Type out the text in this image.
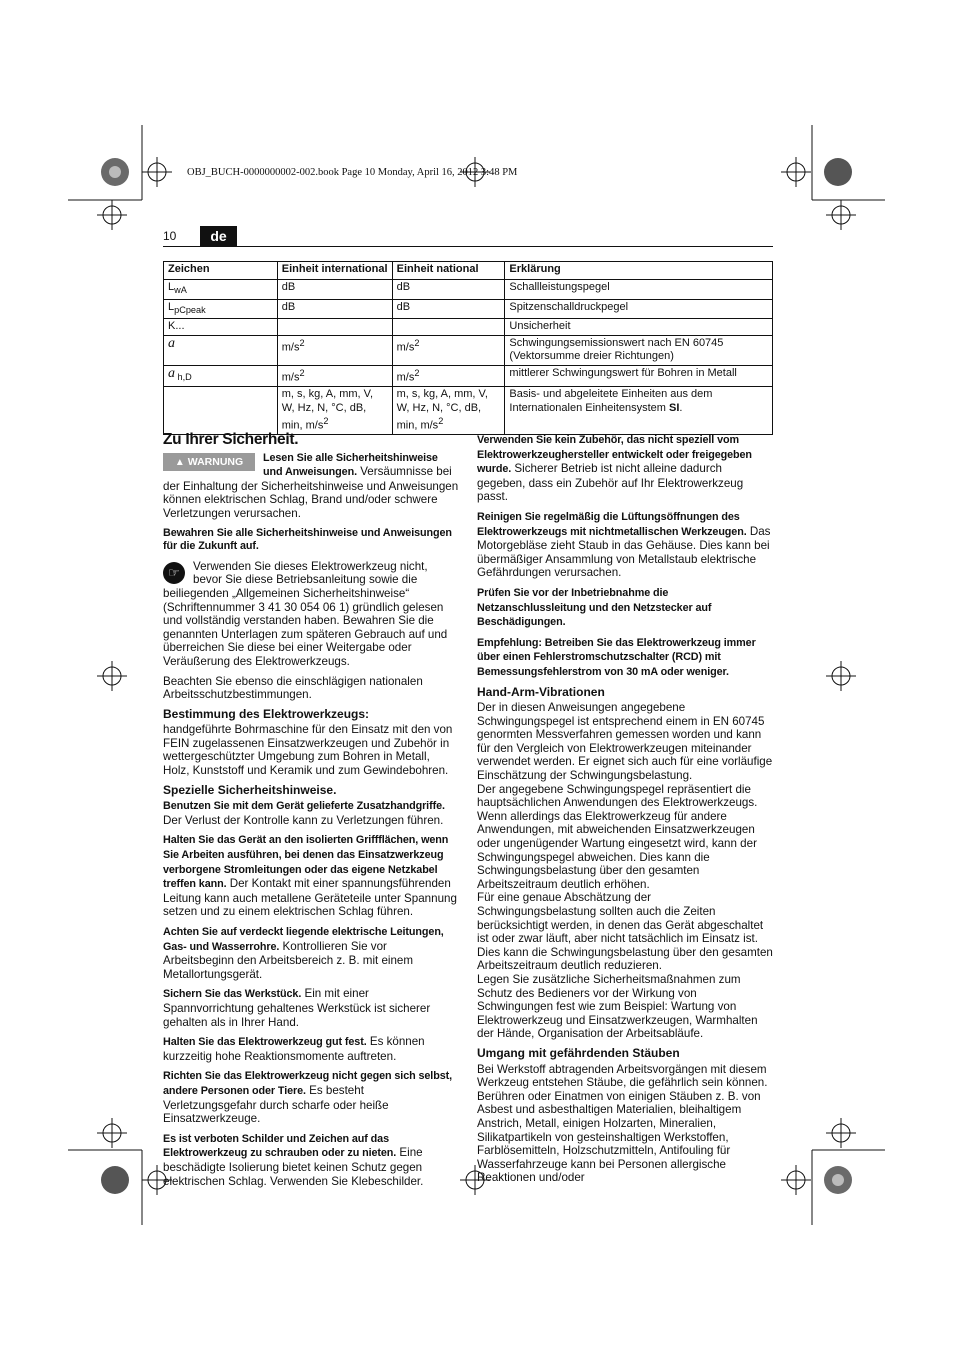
OBJ_BUCH-0000000002-002.book Page 10 Monday, April 16, 2012 3:48 PM
10	de
Zeichen	Einheit international	Einheit national	Erklärung
$L_{wA}$	dB	dB	Schallleistungspegel
$L_{pCpeak}$	dB	dB	Spitzenschalldruckpegel
K...			Unsicherheit
a	$m/s^2$	$m/s^2$	Schwingungsemissionswert nach EN 60745 (Vektorsumme dreier Richtungen)
a $_{h,D}$	$m/s^2$	$m/s^2$	mittlerer Schwingungswert für Bohren in Metall
	m, s, kg, A, mm, V, W, Hz, N, °C, dB, min, $m/s^2$	m, s, kg, A, mm, V, W, Hz, N, °C, dB, min, $m/s^2$	Basis- und abgeleitete Einheiten aus dem Internationalen Einheitensystem SI.
Zu Ihrer Sicherheit.

▲ WARNUNG	Lesen Sie alle Sicherheitshinweise und Anweisungen. Versäumnisse bei der Einhaltung der Sicherheitshinweise und Anweisungen können elektrischen Schlag, Brand und/oder schwere Verletzungen verursachen.

Bewahren Sie alle Sicherheitshinweise und Anweisungen für die Zukunft auf.

☞	Verwenden Sie dieses Elektrowerkzeug nicht, bevor Sie diese Betriebsanleitung sowie die beiliegenden „Allgemeinen Sicherheitshinweise“ (Schriftennummer 3 41 30 054 06 1) gründlich gelesen und vollständig verstanden haben. Bewahren Sie die genannten Unterlagen zum späteren Gebrauch auf und überreichen Sie diese bei einer Weitergabe oder Veräußerung des Elektrowerkzeugs.

Beachten Sie ebenso die einschlägigen nationalen Arbeitsschutzbestimmungen.

Bestimmung des Elektrowerkzeugs:

handgeführte Bohrmaschine für den Einsatz mit den von FEIN zugelassenen Einsatzwerkzeugen und Zubehör in wettergeschützter Umgebung zum Bohren in Metall, Holz, Kunststoff und Keramik und zum Gewindebohren.

Spezielle Sicherheitshinweise.

Benutzen Sie mit dem Gerät gelieferte Zusatzhandgriffe. Der Verlust der Kontrolle kann zu Verletzungen führen.

Halten Sie das Gerät an den isolierten Griffflächen, wenn Sie Arbeiten ausführen, bei denen das Einsatzwerkzeug verborgene Stromleitungen oder das eigene Netzkabel treffen kann. Der Kontakt mit einer spannungsführenden Leitung kann auch metallene Geräteteile unter Spannung setzen und zu einem elektrischen Schlag führen.

Achten Sie auf verdeckt liegende elektrische Leitungen, Gas- und Wasserrohre. Kontrollieren Sie vor Arbeitsbeginn den Arbeitsbereich z. B. mit einem Metallortungsgerät.

Sichern Sie das Werkstück. Ein mit einer Spannvorrichtung gehaltenes Werkstück ist sicherer gehalten als in Ihrer Hand.

Halten Sie das Elektrowerkzeug gut fest. Es können kurzzeitig hohe Reaktionsmomente auftreten.

Richten Sie das Elektrowerkzeug nicht gegen sich selbst, andere Personen oder Tiere. Es besteht Verletzungsgefahr durch scharfe oder heiße Einsatzwerkzeuge.

Es ist verboten Schilder und Zeichen auf das Elektrowerkzeug zu schrauben oder zu nieten. Eine beschädigte Isolierung bietet keinen Schutz gegen elektrischen Schlag. Verwenden Sie Klebeschilder.

Verwenden Sie kein Zubehör, das nicht speziell vom Elektrowerkzeughersteller entwickelt oder freigegeben wurde. Sicherer Betrieb ist nicht alleine dadurch gegeben, dass ein Zubehör auf Ihr Elektrowerkzeug passt.

Reinigen Sie regelmäßig die Lüftungsöffnungen des Elektrowerkzeugs mit nichtmetallischen Werkzeugen. Das Motorgebläse zieht Staub in das Gehäuse. Dies kann bei übermäßiger Ansammlung von Metallstaub elektrische Gefährdungen verursachen.

Prüfen Sie vor der Inbetriebnahme die Netzanschlussleitung und den Netzstecker auf Beschädigungen.

Empfehlung: Betreiben Sie das Elektrowerkzeug immer über einen Fehlerstromschutzschalter (RCD) mit Bemessungsfehlerstrom von 30 mA oder weniger.

Hand-Arm-Vibrationen

Der in diesen Anweisungen angegebene Schwingungspegel ist entsprechend einem in EN 60745 genormten Messverfahren gemessen worden und kann für den Vergleich von Elektrowerkzeugen miteinander verwendet werden. Er eignet sich auch für eine vorläufige Einschätzung der Schwingungsbelastung.

Der angegebene Schwingungspegel repräsentiert die hauptsächlichen Anwendungen des Elektrowerkzeugs. Wenn allerdings das Elektrowerkzeug für andere Anwendungen, mit abweichenden Einsatzwerkzeugen oder ungenügender Wartung eingesetzt wird, kann der Schwingungspegel abweichen. Dies kann die Schwingungsbelastung über den gesamten Arbeitszeitraum deutlich erhöhen.

Für eine genaue Abschätzung der Schwingungsbelastung sollten auch die Zeiten berücksichtigt werden, in denen das Gerät abgeschaltet ist oder zwar läuft, aber nicht tatsächlich im Einsatz ist. Dies kann die Schwingungsbelastung über den gesamten Arbeitszeitraum deutlich reduzieren.

Legen Sie zusätzliche Sicherheitsmaßnahmen zum Schutz des Bedieners vor der Wirkung von Schwingungen fest wie zum Beispiel: Wartung von Elektrowerkzeug und Einsatzwerkzeugen, Warmhalten der Hände, Organisation der Arbeitsabläufe.

Umgang mit gefährdenden Stäuben

Bei Werkstoff abtragenden Arbeitsvorgängen mit diesem Werkzeug entstehen Stäube, die gefährlich sein können. Berühren oder Einatmen von einigen Stäuben z. B. von Asbest und asbesthaltigen Materialien, bleihaltigem Anstrich, Metall, einigen Holzarten, Mineralien, Silikatpartikeln von gesteinshaltigen Werkstoffen, Farblösemitteln, Holzschutzmitteln, Antifouling für Wasserfahrzeuge kann bei Personen allergische Reaktionen und/oder
